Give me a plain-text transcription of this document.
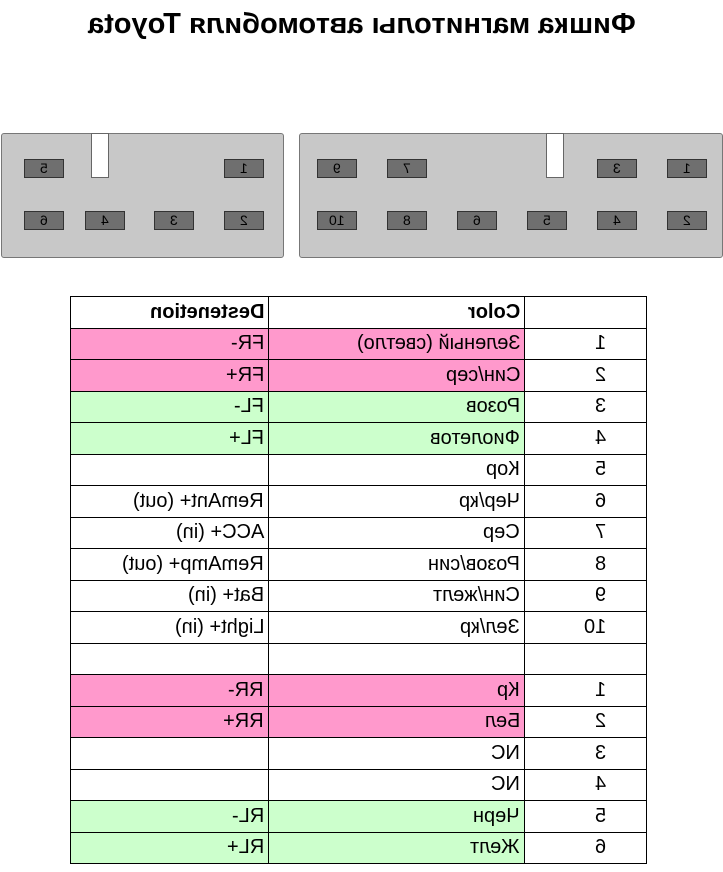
Фишка магнитолы автомобиля Toyota
5	1
6	4	3	2
9	7	3	1
10	8	6	5	4	2
Destenetion	Color	
FR-	Зеленый (светло)	1
FR+	Син/сер	2
FL-	Розов	3
FL+	Фиолетов	4
	Кор	5
RemAnt+ (out)	Чер/кр	6
ACC+ (in)	Сер	7
RemAmp+ (out)	Розов/син	8
Bat+ (in)	Син/желт	9
Light+ (in)	Зел/кр	10

RR-	Кр	1
RR+	Бел	2
	NC	3
	NC	4
RL-	Черн	5
RL+	Желт	6
